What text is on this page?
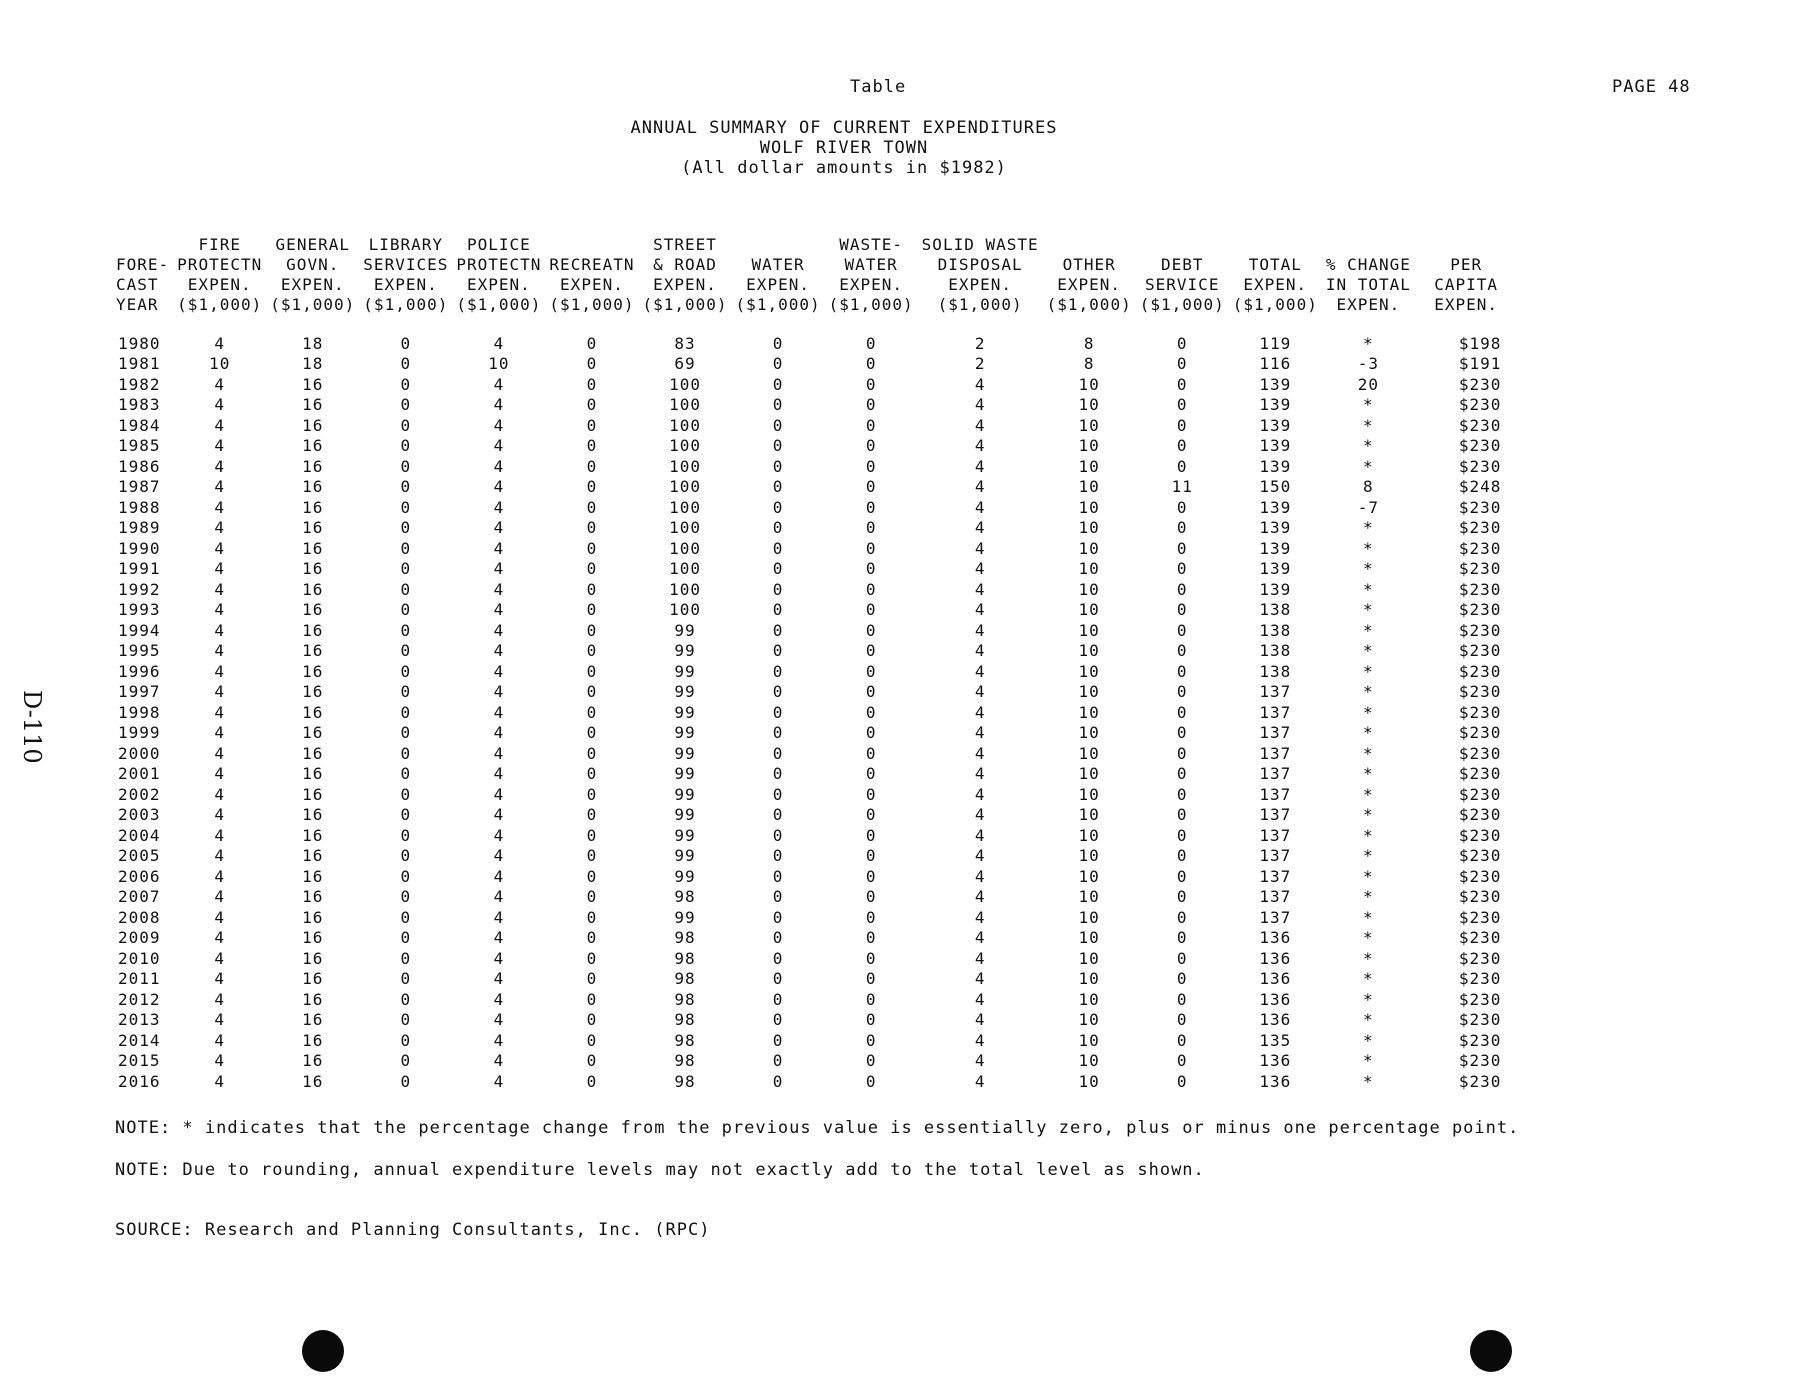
Table	PAGE 48
ANNUAL SUMMARY OF CURRENT EXPENDITURES
WOLF RIVER TOWN
(All dollar amounts in $1982)
D-110
	FIRE	GENERAL	LIBRARY	POLICE		STREET		WASTE-	SOLID WASTE					
FORE-	PROTECTN	GOVN.	SERVICES	PROTECTN	RECREATN	& ROAD	WATER	WATER	DISPOSAL	OTHER	DEBT	TOTAL	% CHANGE	PER
CAST	EXPEN.	EXPEN.	EXPEN.	EXPEN.	EXPEN.	EXPEN.	EXPEN.	EXPEN.	EXPEN.	EXPEN.	SERVICE	EXPEN.	IN TOTAL	CAPITA
YEAR	($1,000)	($1,000)	($1,000)	($1,000)	($1,000)	($1,000)	($1,000)	($1,000)	($1,000)	($1,000)	($1,000)	($1,000)	EXPEN.	EXPEN.

1980	4	18	0	4	0	83	0	0	2	8	0	119	*	$ 198
1981	10	18	0	10	0	69	0	0	2	8	0	116	-3	$ 191
1982	4	16	0	4	0	100	0	0	4	10	0	139	20	$ 230
1983	4	16	0	4	0	100	0	0	4	10	0	139	*	$ 230
1984	4	16	0	4	0	100	0	0	4	10	0	139	*	$ 230
1985	4	16	0	4	0	100	0	0	4	10	0	139	*	$ 230
1986	4	16	0	4	0	100	0	0	4	10	0	139	*	$ 230
1987	4	16	0	4	0	100	0	0	4	10	11	150	8	$ 248
1988	4	16	0	4	0	100	0	0	4	10	0	139	-7	$ 230
1989	4	16	0	4	0	100	0	0	4	10	0	139	*	$ 230
1990	4	16	0	4	0	100	0	0	4	10	0	139	*	$ 230
1991	4	16	0	4	0	100	0	0	4	10	0	139	*	$ 230
1992	4	16	0	4	0	100	0	0	4	10	0	139	*	$ 230
1993	4	16	0	4	0	100	0	0	4	10	0	138	*	$ 230
1994	4	16	0	4	0	99	0	0	4	10	0	138	*	$ 230
1995	4	16	0	4	0	99	0	0	4	10	0	138	*	$ 230
1996	4	16	0	4	0	99	0	0	4	10	0	138	*	$ 230
1997	4	16	0	4	0	99	0	0	4	10	0	137	*	$ 230
1998	4	16	0	4	0	99	0	0	4	10	0	137	*	$ 230
1999	4	16	0	4	0	99	0	0	4	10	0	137	*	$ 230
2000	4	16	0	4	0	99	0	0	4	10	0	137	*	$ 230
2001	4	16	0	4	0	99	0	0	4	10	0	137	*	$ 230
2002	4	16	0	4	0	99	0	0	4	10	0	137	*	$ 230
2003	4	16	0	4	0	99	0	0	4	10	0	137	*	$ 230
2004	4	16	0	4	0	99	0	0	4	10	0	137	*	$ 230
2005	4	16	0	4	0	99	0	0	4	10	0	137	*	$ 230
2006	4	16	0	4	0	99	0	0	4	10	0	137	*	$ 230
2007	4	16	0	4	0	98	0	0	4	10	0	137	*	$ 230
2008	4	16	0	4	0	99	0	0	4	10	0	137	*	$ 230
2009	4	16	0	4	0	98	0	0	4	10	0	136	*	$ 230
2010	4	16	0	4	0	98	0	0	4	10	0	136	*	$ 230
2011	4	16	0	4	0	98	0	0	4	10	0	136	*	$ 230
2012	4	16	0	4	0	98	0	0	4	10	0	136	*	$ 230
2013	4	16	0	4	0	98	0	0	4	10	0	136	*	$ 230
2014	4	16	0	4	0	98	0	0	4	10	0	135	*	$ 230
2015	4	16	0	4	0	98	0	0	4	10	0	136	*	$ 230
2016	4	16	0	4	0	98	0	0	4	10	0	136	*	$ 230
NOTE: * indicates that the percentage change from the previous value is essentially zero, plus or minus one percentage point.
NOTE: Due to rounding, annual expenditure levels may not exactly add to the total level as shown.
SOURCE: Research and Planning Consultants, Inc. (RPC)
